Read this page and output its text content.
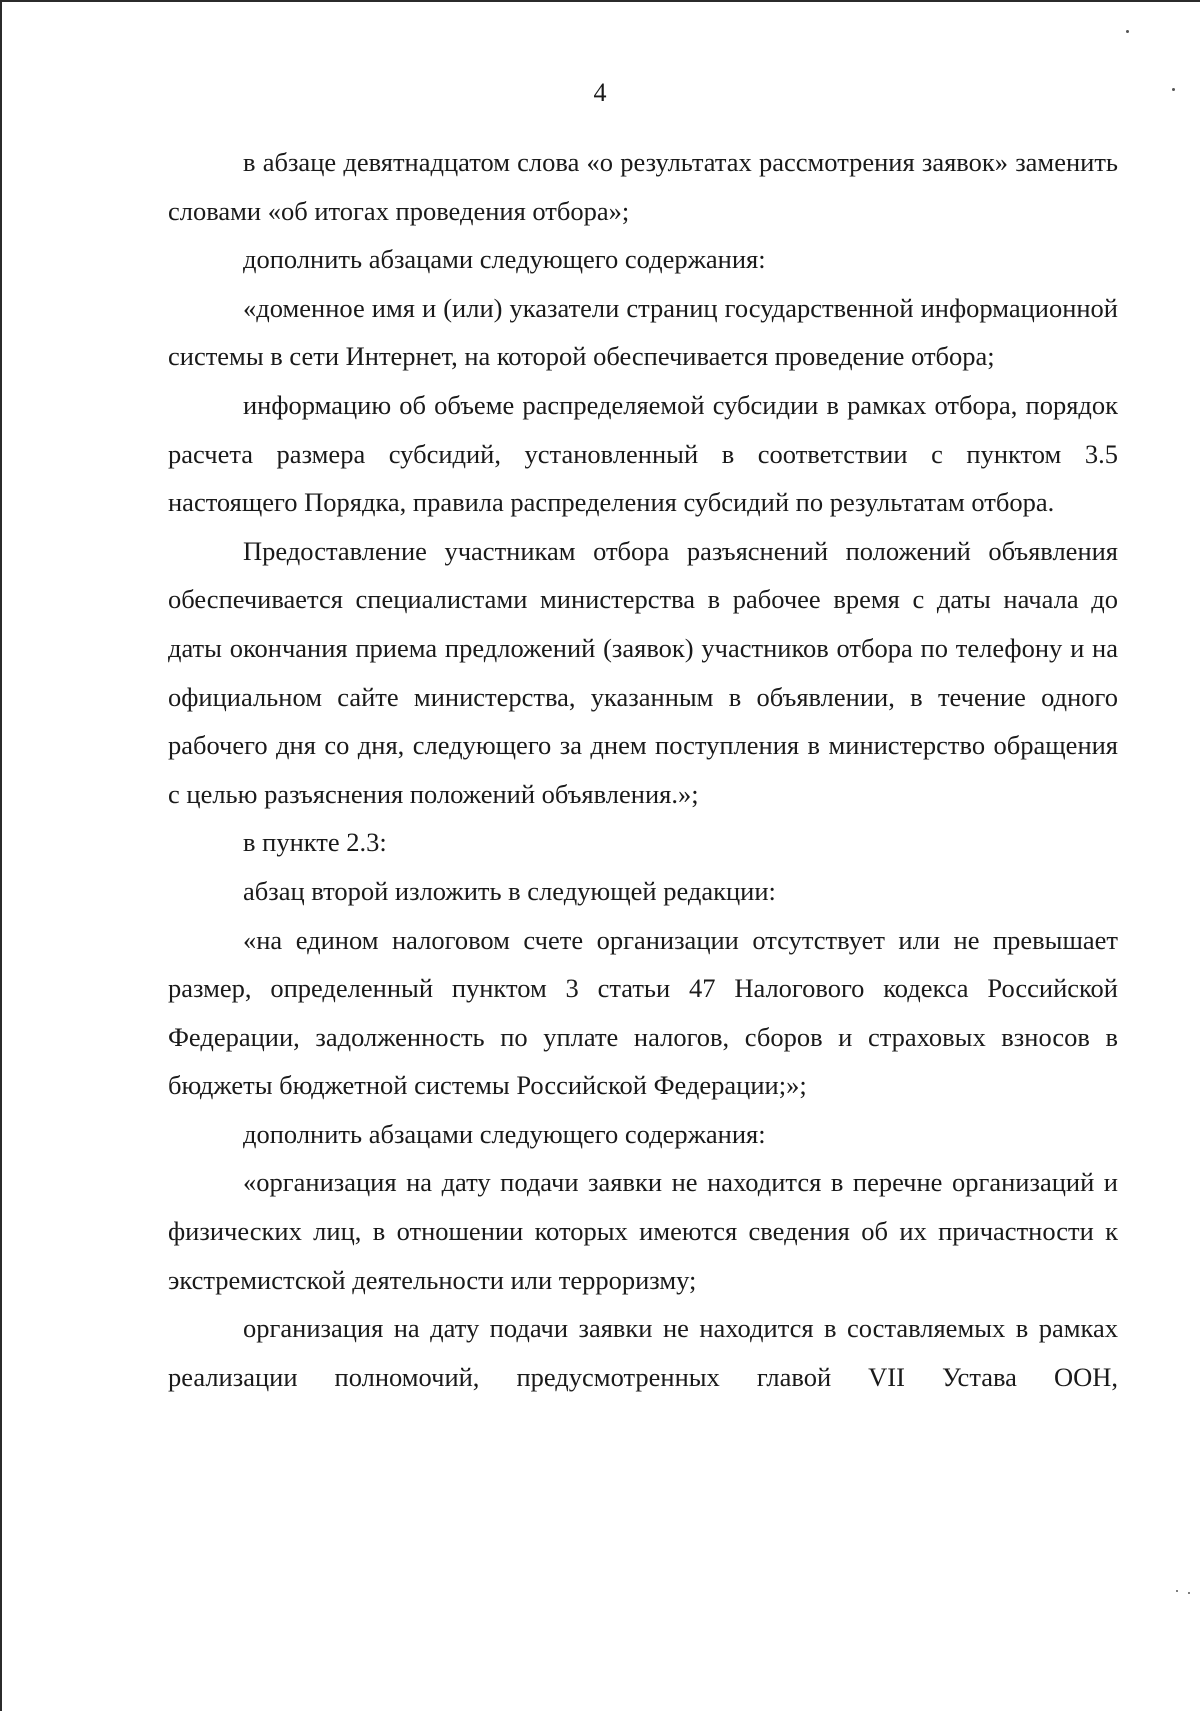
4

в абзаце девятнадцатом слова «о результатах рассмотрения заявок» заменить словами «об итогах проведения отбора»;

дополнить абзацами следующего содержания:

«доменное имя и (или) указатели страниц государственной информационной системы в сети Интернет, на которой обеспечивается проведение отбора;

информацию об объеме распределяемой субсидии в рамках отбора, порядок расчета размера субсидий, установленный в соответствии с пунктом 3.5 настоящего Порядка, правила распределения субсидий по результатам отбора.

Предоставление участникам отбора разъяснений положений объявления обеспечивается специалистами министерства в рабочее время с даты начала до даты окончания приема предложений (заявок) участников отбора по телефону и на официальном сайте министерства, указанным в объявлении, в течение одного рабочего дня со дня, следующего за днем поступления в министерство обращения с целью разъяснения положений объявления.»;

в пункте 2.3:

абзац второй изложить в следующей редакции:

«на едином налоговом счете организации отсутствует или не превышает размер, определенный пунктом 3 статьи 47 Налогового кодекса Российской Федерации, задолженность по уплате налогов, сборов и страховых взносов в бюджеты бюджетной системы Российской Федерации;»;

дополнить абзацами следующего содержания:

«организация на дату подачи заявки не находится в перечне организаций и физических лиц, в отношении которых имеются сведения об их причастности к экстремистской деятельности или терроризму;

организация на дату подачи заявки не находится в составляемых в рамках реализации полномочий, предусмотренных главой VII Устава ООН,
